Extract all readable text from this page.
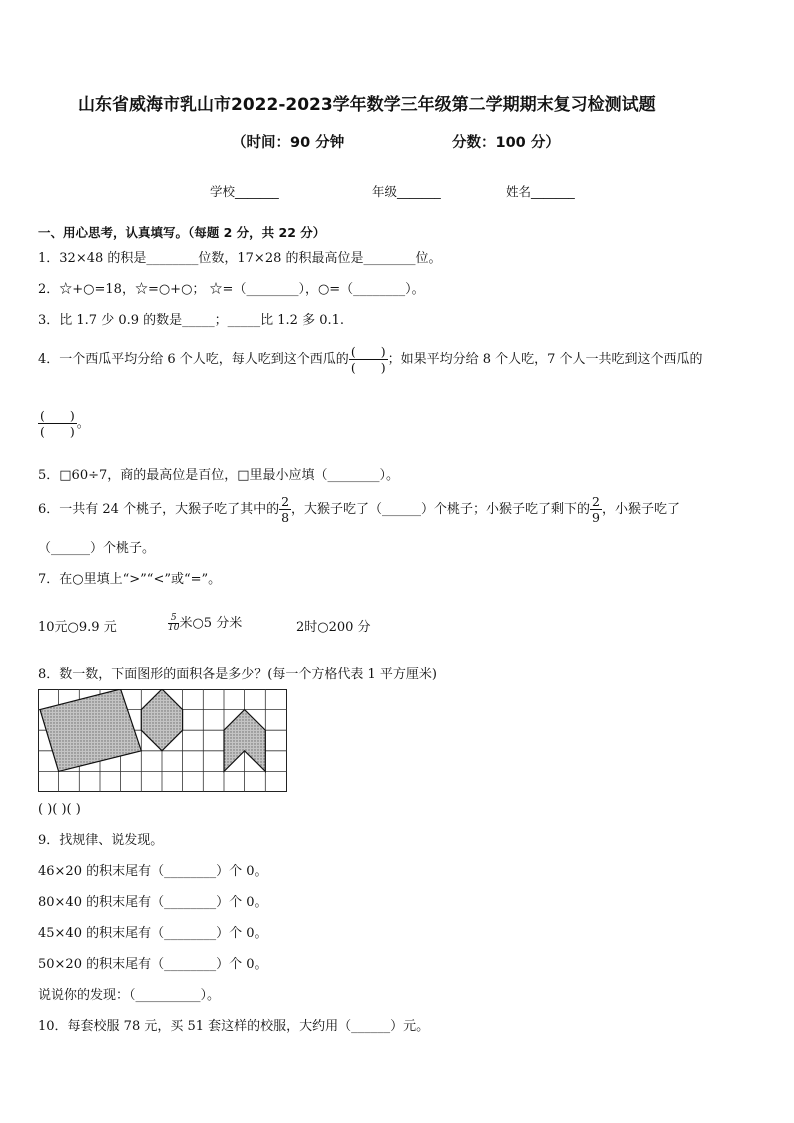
山东省威海市乳山市2022-2023学年数学三年级第二学期期末复习检测试题
（时间：90 分钟	分数：100 分）
学校_______	年级_______	姓名_______
一、用心思考，认真填写。（每题 2 分，共 22 分）
1．32×48 的积是________位数，17×28 的积最高位是________位。
2．☆+○=18，☆=○+○； ☆=（________），○=（________）。
3．比 1.7 少 0.9 的数是_____；_____比 1.2 多 0.1.
4．一个西瓜平均分给 6 个人吃，每人吃到这个西瓜的 $\frac{( )}{( )}$ ；如果平均分给 8 个人吃，7 个人一共吃到这个西瓜的
$\frac{( )}{( )}$ 。
5．□60÷7，商的最高位是百位，□里最小应填（________）。
6．一共有 24 个桃子，大猴子吃了其中的 $\frac{2}{8}$ ，大猴子吃了（______）个桃子；小猴子吃了剩下的 $\frac{2}{9}$ ，小猴子吃了
（______）个桃子。
7．在○里填上“>”“<”或“=”。
10元○9.9 元	$\frac{5}{10}$ 米○5 分米	2时○200 分
8．数一数，下面图形的面积各是多少？(每一个方格代表 1 平方厘米)
( )( )( )
9．找规律、说发现。
46×20 的积末尾有（________）个 0。
80×40 的积末尾有（________）个 0。
45×40 的积末尾有（________）个 0。
50×20 的积末尾有（________）个 0。
说说你的发现：（__________）。
10．每套校服 78 元，买 51 套这样的校服，大约用（______）元。
